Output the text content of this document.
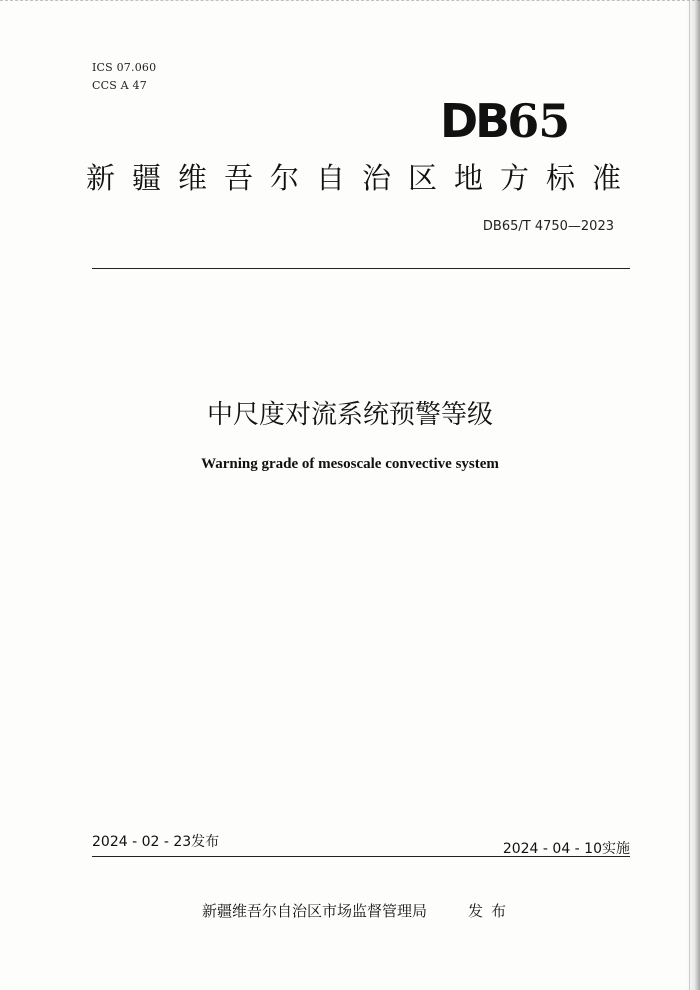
ICS 07.060
CCS A 47
DB65
新疆维吾尔自治区地方标准
DB65/T 4750—2023
中尺度对流系统预警等级
Warning grade of mesoscale convective system
2024 - 02 - 23发布	2024 - 04 - 10实施
新疆维吾尔自治区市场监督管理局	发布
